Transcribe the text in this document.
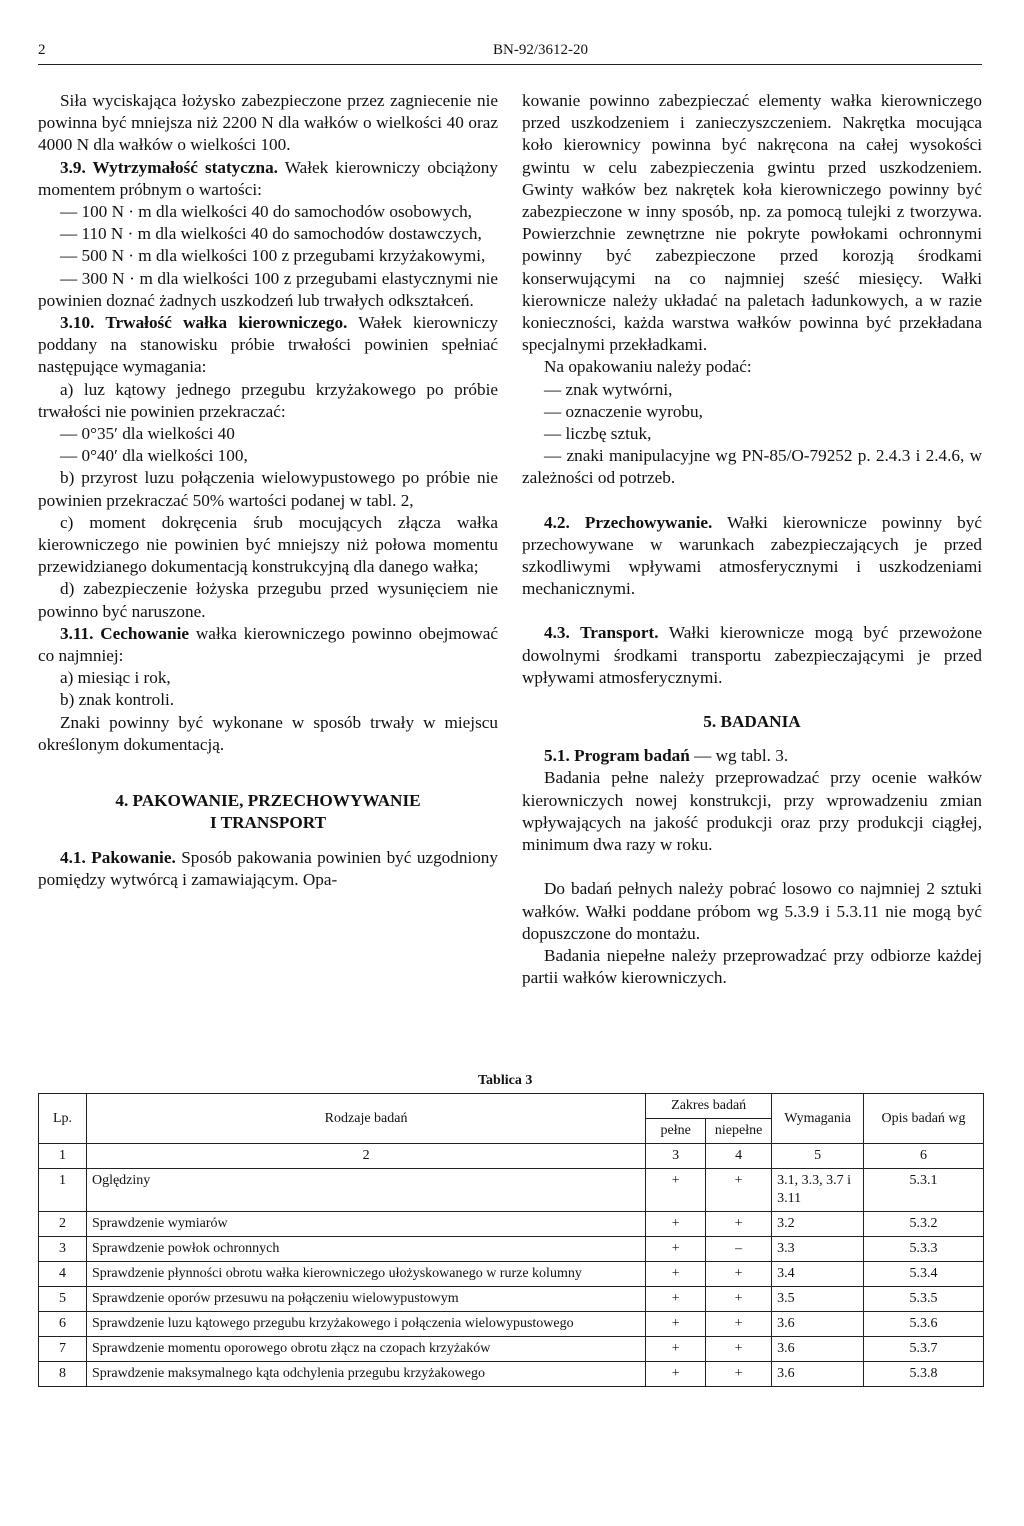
2	BN-92/3612-20

Siła wyciskająca łożysko zabezpieczone przez zagniecenie nie powinna być mniejsza niż 2200 N dla wałków o wielkości 40 oraz 4000 N dla wałków o wielkości 100.

3.9. Wytrzymałość statyczna. Wałek kierowniczy obciążony momentem próbnym o wartości:

— 100 N · m dla wielkości 40 do samochodów osobowych,

— 110 N · m dla wielkości 40 do samochodów dostawczych,

— 500 N · m dla wielkości 100 z przegubami krzyżakowymi,

— 300 N · m dla wielkości 100 z przegubami elastycznymi nie powinien doznać żadnych uszkodzeń lub trwałych odkształceń.

3.10. Trwałość wałka kierowniczego. Wałek kierowniczy poddany na stanowisku próbie trwałości powinien spełniać następujące wymagania:

a) luz kątowy jednego przegubu krzyżakowego po próbie trwałości nie powinien przekraczać:

— 0°35′ dla wielkości 40

— 0°40′ dla wielkości 100,

b) przyrost luzu połączenia wielowypustowego po próbie nie powinien przekraczać 50% wartości podanej w tabl. 2,

c) moment dokręcenia śrub mocujących złącza wałka kierowniczego nie powinien być mniejszy niż połowa momentu przewidzianego dokumentacją konstrukcyjną dla danego wałka;

d) zabezpieczenie łożyska przegubu przed wysunięciem nie powinno być naruszone.

3.11. Cechowanie wałka kierowniczego powinno obejmować co najmniej:

a) miesiąc i rok,

b) znak kontroli.

Znaki powinny być wykonane w sposób trwały w miejscu określonym dokumentacją.

4. PAKOWANIE, PRZECHOWYWANIE

I TRANSPORT

4.1. Pakowanie. Sposób pakowania powinien być uzgodniony pomiędzy wytwórcą i zamawiającym. Opa-

kowanie powinno zabezpieczać elementy wałka kierowniczego przed uszkodzeniem i zanieczyszczeniem. Nakrętka mocująca koło kierownicy powinna być nakręcona na całej wysokości gwintu w celu zabezpieczenia gwintu przed uszkodzeniem. Gwinty wałków bez nakrętek koła kierowniczego powinny być zabezpieczone w inny sposób, np. za pomocą tulejki z tworzywa. Powierzchnie zewnętrzne nie pokryte powłokami ochronnymi powinny być zabezpieczone przed korozją środkami konserwującymi na co najmniej sześć miesięcy. Wałki kierownicze należy układać na paletach ładunkowych, a w razie konieczności, każda warstwa wałków powinna być przekładana specjalnymi przekładkami.

Na opakowaniu należy podać:

— znak wytwórni,

— oznaczenie wyrobu,

— liczbę sztuk,

— znaki manipulacyjne wg PN-85/O-79252 p. 2.4.3 i 2.4.6, w zależności od potrzeb.

4.2. Przechowywanie. Wałki kierownicze powinny być przechowywane w warunkach zabezpieczających je przed szkodliwymi wpływami atmosferycznymi i uszkodzeniami mechanicznymi.

4.3. Transport. Wałki kierownicze mogą być przewożone dowolnymi środkami transportu zabezpieczającymi je przed wpływami atmosferycznymi.

5. BADANIA

5.1. Program badań — wg tabl. 3.

Badania pełne należy przeprowadzać przy ocenie wałków kierowniczych nowej konstrukcji, przy wprowadzeniu zmian wpływających na jakość produkcji oraz przy produkcji ciągłej, minimum dwa razy w roku.

Do badań pełnych należy pobrać losowo co najmniej 2 sztuki wałków. Wałki poddane próbom wg 5.3.9 i 5.3.11 nie mogą być dopuszczone do montażu.

Badania niepełne należy przeprowadzać przy odbiorze każdej partii wałków kierowniczych.

Tablica 3
Lp.	Rodzaje badań	Zakres badań		Wymagania	Opis badań wg
		pełne	niepełne		
1	2	3	4	5	6
1	Oględziny	+	+	3.1, 3.3, 3.7 i 3.11	5.3.1
2	Sprawdzenie wymiarów	+	+	3.2	5.3.2
3	Sprawdzenie powłok ochronnych	+	–	3.3	5.3.3
4	Sprawdzenie płynności obrotu wałka kierowniczego ułożyskowanego w rurze kolumny	+	+	3.4	5.3.4
5	Sprawdzenie oporów przesuwu na połączeniu wielowypustowym	+	+	3.5	5.3.5
6	Sprawdzenie luzu kątowego przegubu krzyżakowego i połączenia wielowypustowego	+	+	3.6	5.3.6
7	Sprawdzenie momentu oporowego obrotu złącz na czopach krzyżaków	+	+	3.6	5.3.7
8	Sprawdzenie maksymalnego kąta odchylenia przegubu krzyżakowego	+	+	3.6	5.3.8
